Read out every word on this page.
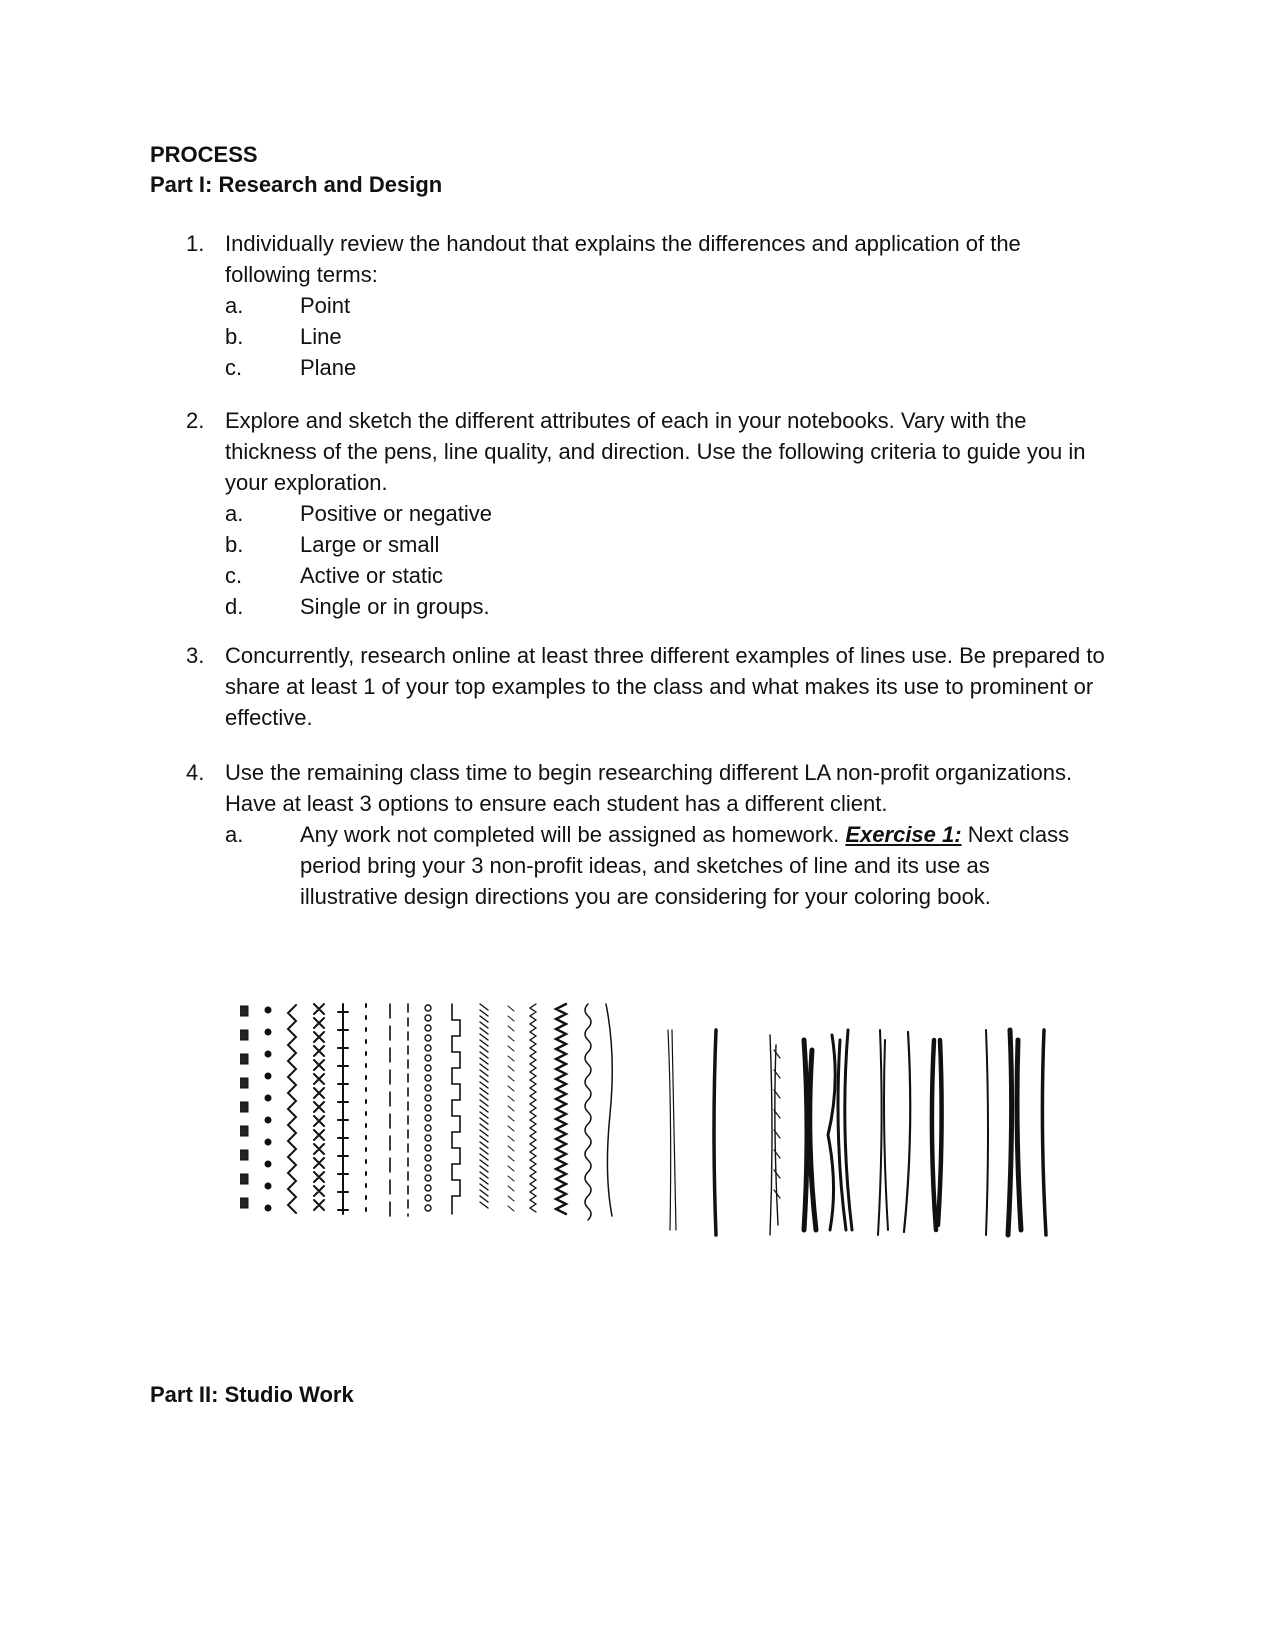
PROCESS
Part I: Research and Design
1. Individually review the handout that explains the differences and application of the following terms:
a.	Point
b.	Line
c.	Plane
2. Explore and sketch the different attributes of each in your notebooks. Vary with the thickness of the pens, line quality, and direction. Use the following criteria to guide you in your exploration.
a.	Positive or negative
b.	Large or small
c.	Active or static
d.	Single or in groups.
3. Concurrently, research online at least three different examples of lines use. Be prepared to share at least 1 of your top examples to the class and what makes its use to prominent or effective.
4. Use the remaining class time to begin researching different LA non-profit organizations. Have at least 3 options to ensure each student has a different client.
a.	Any work not completed will be assigned as homework. Exercise 1: Next class period bring your 3 non-profit ideas, and sketches of line and its use as illustrative design directions you are considering for your coloring book.
Part II: Studio Work
